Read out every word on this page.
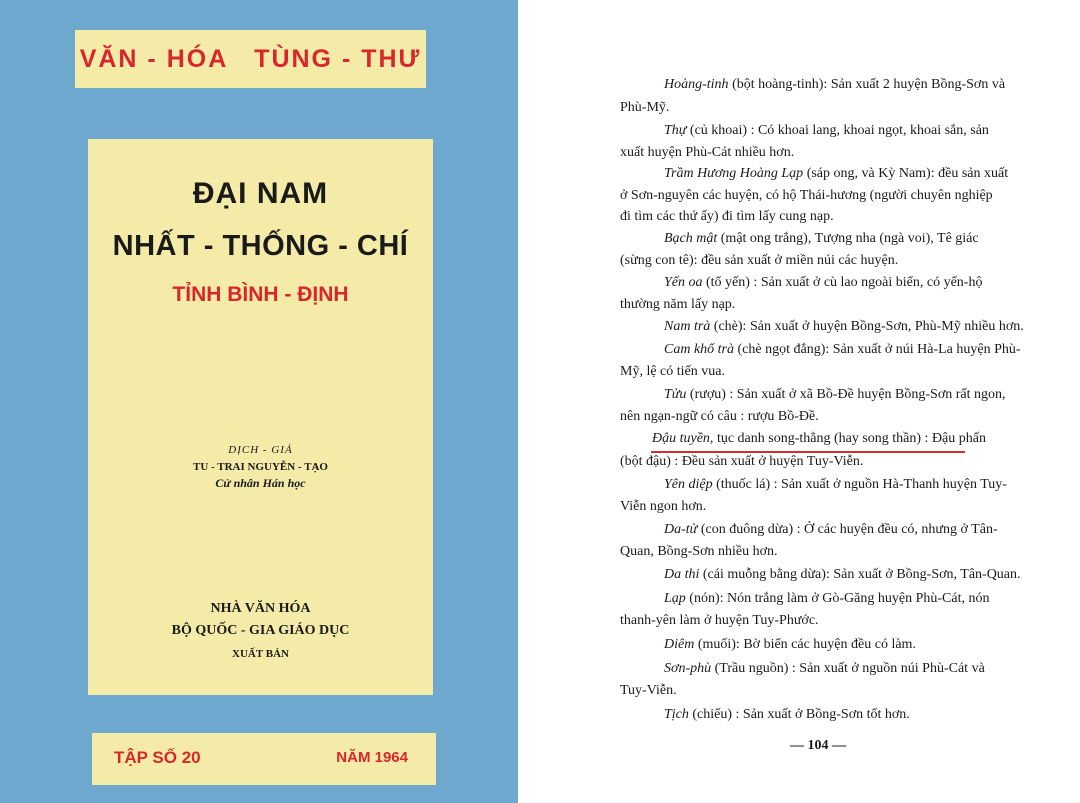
VĂN - HÓA   TÙNG - THƯ
ĐẠI NAM
NHẤT - THỐNG - CHÍ
TỈNH BÌNH - ĐỊNH
DỊCH - GIẢ
TU - TRAI NGUYỄN - TẠO
Cử nhân Hán học
NHÀ VĂN HÓA
BỘ QUỐC - GIA GIÁO DỤC
XUẤT BẢN
TẬP SỐ 20	NĂM 1964
Hoàng-tinh (bột hoàng-tinh): Sản xuất 2 huyện Bồng-Sơn và
Phù-Mỹ.
Thự (củ khoai) : Có khoai lang, khoai ngọt, khoai sắn, sản
xuất huyện Phù-Cát nhiều hơn.
Trầm Hương Hoàng Lạp (sáp ong, và Kỳ Nam): đều sản xuất
ở Sơn-nguyên các huyện, có hộ Thái-hương (người chuyên nghiệp
đi tìm các thứ ấy) đi tìm lấy cung nạp.
Bạch mật (mật ong trắng), Tượng nha (ngà voi), Tê giác
(sừng con tê): đều sản xuất ở miền núi các huyện.
Yến oa (tổ yến) : Sản xuất ở cù lao ngoài biển, có yến-hộ
thường năm lấy nạp.
Nam trà (chè): Sản xuất ở huyện Bồng-Sơn, Phù-Mỹ nhiều hơn.
Cam khổ trà (chè ngọt đắng): Sản xuất ở núi Hà-La huyện Phù-
Mỹ, lệ có tiến vua.
Tửu (rượu) : Sản xuất ở xã Bồ-Đề huyện Bồng-Sơn rất ngon,
nên ngạn-ngữ có câu : rượu Bồ-Đề.
Đậu tuyền, tục danh song-thằng (hay song thần) : Đậu phấn
(bột đậu) : Đều sản xuất ở huyện Tuy-Viễn.
Yên diệp (thuốc lá) : Sản xuất ở nguồn Hà-Thanh huyện Tuy-
Viễn ngon hơn.
Da-tử (con đuông dừa) : Ở các huyện đều có, nhưng ở Tân-
Quan, Bồng-Sơn nhiều hơn.
Da thi (cái muỗng bằng dừa): Sản xuất ở Bồng-Sơn, Tân-Quan.
Lạp (nón): Nón trắng làm ở Gò-Găng huyện Phù-Cát, nón
thanh-yên làm ở huyện Tuy-Phước.
Diêm (muối): Bờ biển các huyện đều có làm.
Sơn-phù (Trầu nguồn) : Sản xuất ở nguồn núi Phù-Cát và
Tuy-Viễn.
Tịch (chiếu) : Sản xuất ở Bồng-Sơn tốt hơn.
— 104 —
